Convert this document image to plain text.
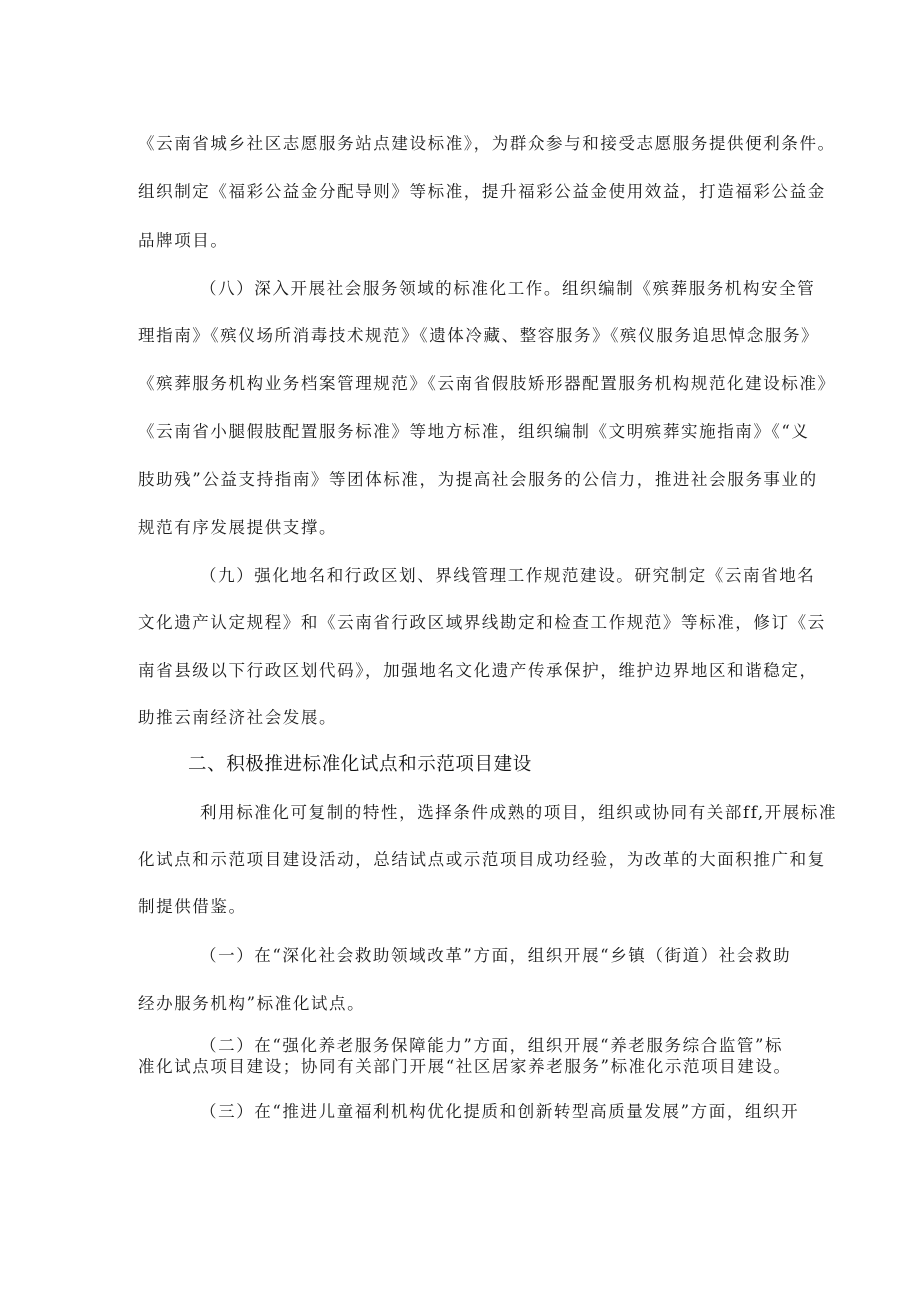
《云南省城乡社区志愿服务站点建设标准》，为群众参与和接受志愿服务提供便利条件。
组织制定《福彩公益金分配导则》等标准，提升福彩公益金使用效益，打造福彩公益金
品牌项目。
（八）深入开展社会服务领域的标准化工作。组织编制《殡葬服务机构安全管
理指南》《殡仪场所消毒技术规范》《遗体冷藏、整容服务》《殡仪服务追思悼念服务》
《殡葬服务机构业务档案管理规范》《云南省假肢矫形器配置服务机构规范化建设标准》
《云南省小腿假肢配置服务标准》等地方标准，组织编制《文明殡葬实施指南》《“义
肢助残”公益支持指南》等团体标准，为提高社会服务的公信力，推进社会服务事业的
规范有序发展提供支撑。
（九）强化地名和行政区划、界线管理工作规范建设。研究制定《云南省地名
文化遗产认定规程》和《云南省行政区域界线勘定和检查工作规范》等标准，修订《云
南省县级以下行政区划代码》，加强地名文化遗产传承保护，维护边界地区和谐稳定，
助推云南经济社会发展。
二、积极推进标准化试点和示范项目建设
利用标准化可复制的特性，选择条件成熟的项目，组织或协同有关部ff,开展标准
化试点和示范项目建设活动，总结试点或示范项目成功经验，为改革的大面积推广和复
制提供借鉴。
（一）在“深化社会救助领域改革”方面，组织开展“乡镇（街道）社会救助
经办服务机构”标准化试点。
（二）在“强化养老服务保障能力”方面，组织开展“养老服务综合监管”标
准化试点项目建设；协同有关部门开展“社区居家养老服务”标准化示范项目建设。
（三）在“推进儿童福利机构优化提质和创新转型高质量发展”方面，组织开
